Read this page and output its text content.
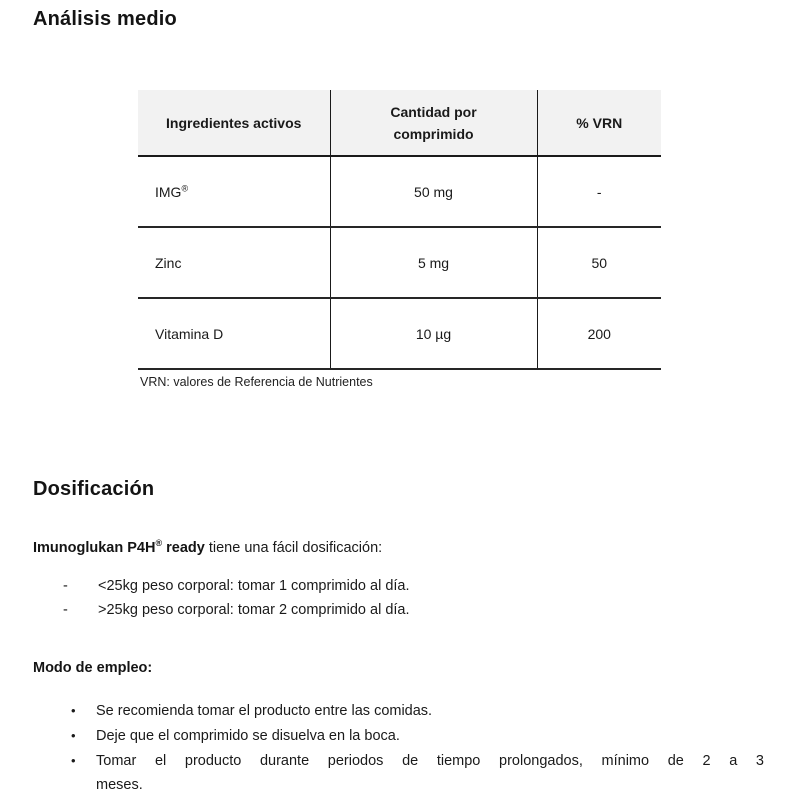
Análisis medio
Ingredientes activos	Cantidad por comprimido	% VRN
IMG®	50 mg	-
Zinc	5 mg	50
Vitamina D	10 µg	200
VRN: valores de Referencia de Nutrientes
Dosificación

Imunoglukan P4H® ready tiene una fácil dosificación:

-	<25kg peso corporal: tomar 1 comprimido al día.
-	>25kg peso corporal: tomar 2 comprimido al día.
Modo de empleo:
•	Se recomienda tomar el producto entre las comidas.
•	Deje que el comprimido se disuelva en la boca.
•	Tomar el producto durante periodos de tiempo prolongados, mínimo de 2 a 3
meses.
